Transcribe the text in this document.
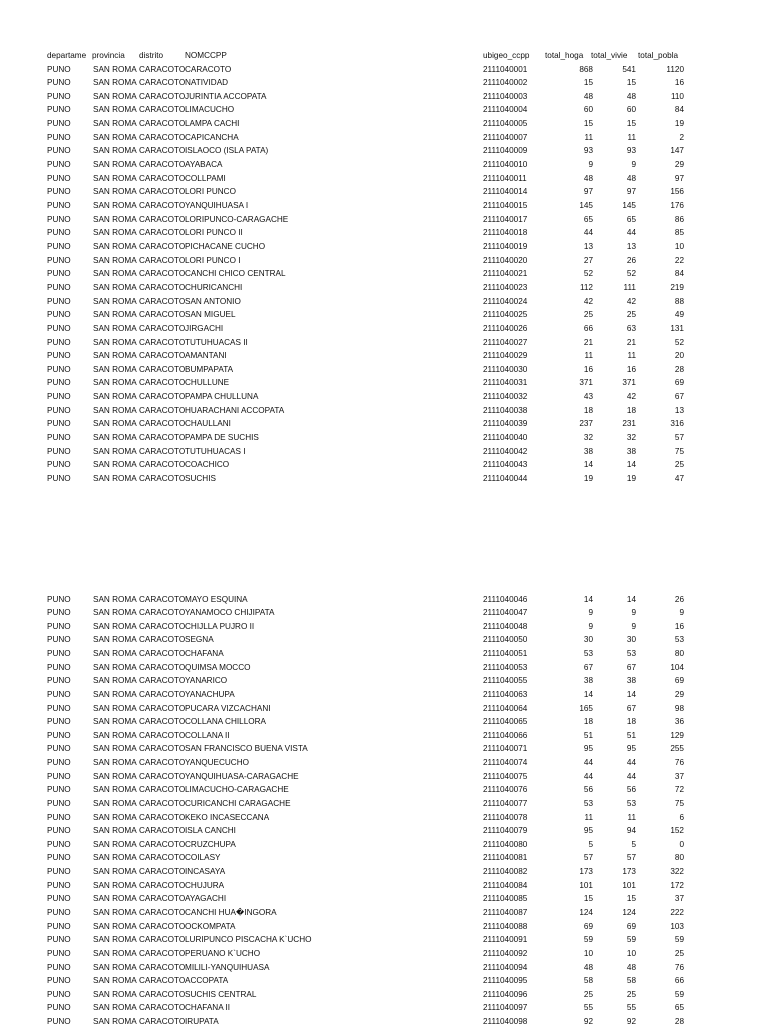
departame provincia	distrito	NOMCCPP	ubigeo_ccpp	total_hoga total_vivie	total_pobla
PUNO	SAN ROMA CARACOTO CARACOTO	2111040001	868	541	1120
PUNO	SAN ROMA CARACOTO NATIVIDAD	2111040002	15	15	16
PUNO	SAN ROMA CARACOTO JURINTIA ACCOPATA	2111040003	48	48	110
PUNO	SAN ROMA CARACOTO LIMACUCHO	2111040004	60	60	84
PUNO	SAN ROMA CARACOTO LAMPA CACHI	2111040005	15	15	19
PUNO	SAN ROMA CARACOTO CAPICANCHA	2111040007	11	11	2
PUNO	SAN ROMA CARACOTO ISLAOCO (ISLA PATA)	2111040009	93	93	147
PUNO	SAN ROMA CARACOTO AYABACA	2111040010	9	9	29
PUNO	SAN ROMA CARACOTO COLLPAMI	2111040011	48	48	97
PUNO	SAN ROMA CARACOTO LORI PUNCO	2111040014	97	97	156
PUNO	SAN ROMA CARACOTO YANQUIHUASA I	2111040015	145	145	176
PUNO	SAN ROMA CARACOTO LORIPUNCO-CARAGACHE	2111040017	65	65	86
PUNO	SAN ROMA CARACOTO LORI PUNCO II	2111040018	44	44	85
PUNO	SAN ROMA CARACOTO PICHACANE CUCHO	2111040019	13	13	10
PUNO	SAN ROMA CARACOTO LORI PUNCO I	2111040020	27	26	22
PUNO	SAN ROMA CARACOTO CANCHI CHICO CENTRAL	2111040021	52	52	84
PUNO	SAN ROMA CARACOTO CHURICANCHI	2111040023	112	111	219
PUNO	SAN ROMA CARACOTO SAN ANTONIO	2111040024	42	42	88
PUNO	SAN ROMA CARACOTO SAN MIGUEL	2111040025	25	25	49
PUNO	SAN ROMA CARACOTO JIRGACHI	2111040026	66	63	131
PUNO	SAN ROMA CARACOTO TUTUHUACAS II	2111040027	21	21	52
PUNO	SAN ROMA CARACOTO AMANTANI	2111040029	11	11	20
PUNO	SAN ROMA CARACOTO BUMPAPATA	2111040030	16	16	28
PUNO	SAN ROMA CARACOTO CHULLUNE	2111040031	371	371	69
PUNO	SAN ROMA CARACOTO PAMPA CHULLUNA	2111040032	43	42	67
PUNO	SAN ROMA CARACOTO HUARACHANI ACCOPATA	2111040038	18	18	13
PUNO	SAN ROMA CARACOTO CHAULLANI	2111040039	237	231	316
PUNO	SAN ROMA CARACOTO PAMPA DE SUCHIS	2111040040	32	32	57
PUNO	SAN ROMA CARACOTO TUTUHUACAS I	2111040042	38	38	75
PUNO	SAN ROMA CARACOTO COACHICO	2111040043	14	14	25
PUNO	SAN ROMA CARACOTO SUCHIS	2111040044	19	19	47
PUNO	SAN ROMA CARACOTO MAYO ESQUINA	2111040046	14	14	26
PUNO	SAN ROMA CARACOTO YANAMOCO CHIJIPATA	2111040047	9	9	9
PUNO	SAN ROMA CARACOTO CHIJLLA PUJRO II	2111040048	9	9	16
PUNO	SAN ROMA CARACOTO SEGNA	2111040050	30	30	53
PUNO	SAN ROMA CARACOTO CHAFANA	2111040051	53	53	80
PUNO	SAN ROMA CARACOTO QUIMSA MOCCO	2111040053	67	67	104
PUNO	SAN ROMA CARACOTO YANARICO	2111040055	38	38	69
PUNO	SAN ROMA CARACOTO YANACHUPA	2111040063	14	14	29
PUNO	SAN ROMA CARACOTO PUCARA VIZCACHANI	2111040064	165	67	98
PUNO	SAN ROMA CARACOTO COLLANA CHILLORA	2111040065	18	18	36
PUNO	SAN ROMA CARACOTO COLLANA II	2111040066	51	51	129
PUNO	SAN ROMA CARACOTO SAN FRANCISCO BUENA VISTA	2111040071	95	95	255
PUNO	SAN ROMA CARACOTO YANQUECUCHO	2111040074	44	44	76
PUNO	SAN ROMA CARACOTO YANQUIHUASA-CARAGACHE	2111040075	44	44	37
PUNO	SAN ROMA CARACOTO LIMACUCHO-CARAGACHE	2111040076	56	56	72
PUNO	SAN ROMA CARACOTO CURICANCHI CARAGACHE	2111040077	53	53	75
PUNO	SAN ROMA CARACOTO KEKO INCASECCANA	2111040078	11	11	6
PUNO	SAN ROMA CARACOTO ISLA CANCHI	2111040079	95	94	152
PUNO	SAN ROMA CARACOTO CRUZCHUPA	2111040080	5	5	0
PUNO	SAN ROMA CARACOTO COILASY	2111040081	57	57	80
PUNO	SAN ROMA CARACOTO INCASAYA	2111040082	173	173	322
PUNO	SAN ROMA CARACOTO CHUJURA	2111040084	101	101	172
PUNO	SAN ROMA CARACOTO AYAGACHI	2111040085	15	15	37
PUNO	SAN ROMA CARACOTO CANCHI HUA�INGORA	2111040087	124	124	222
PUNO	SAN ROMA CARACOTO OCKOMPATA	2111040088	69	69	103
PUNO	SAN ROMA CARACOTO LURIPUNCO PISCACHA K`UCHO	2111040091	59	59	59
PUNO	SAN ROMA CARACOTO PERUANO K`UCHO	2111040092	10	10	25
PUNO	SAN ROMA CARACOTO MILILI-YANQUIHUASA	2111040094	48	48	76
PUNO	SAN ROMA CARACOTO ACCOPATA	2111040095	58	58	66
PUNO	SAN ROMA CARACOTO SUCHIS CENTRAL	2111040096	25	25	59
PUNO	SAN ROMA CARACOTO CHAFANA II	2111040097	55	55	65
PUNO	SAN ROMA CARACOTO IRUPATA	2111040098	92	92	28
